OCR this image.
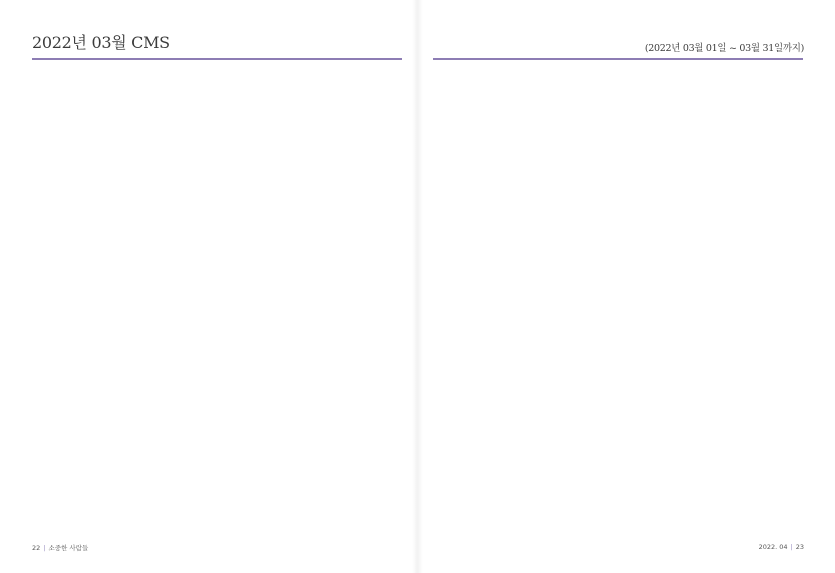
2022년 03월 CMS	(2022년 03월 01일 ~ 03월 31일까지)
22 | 소중한 사람들	2022. 04 | 23
